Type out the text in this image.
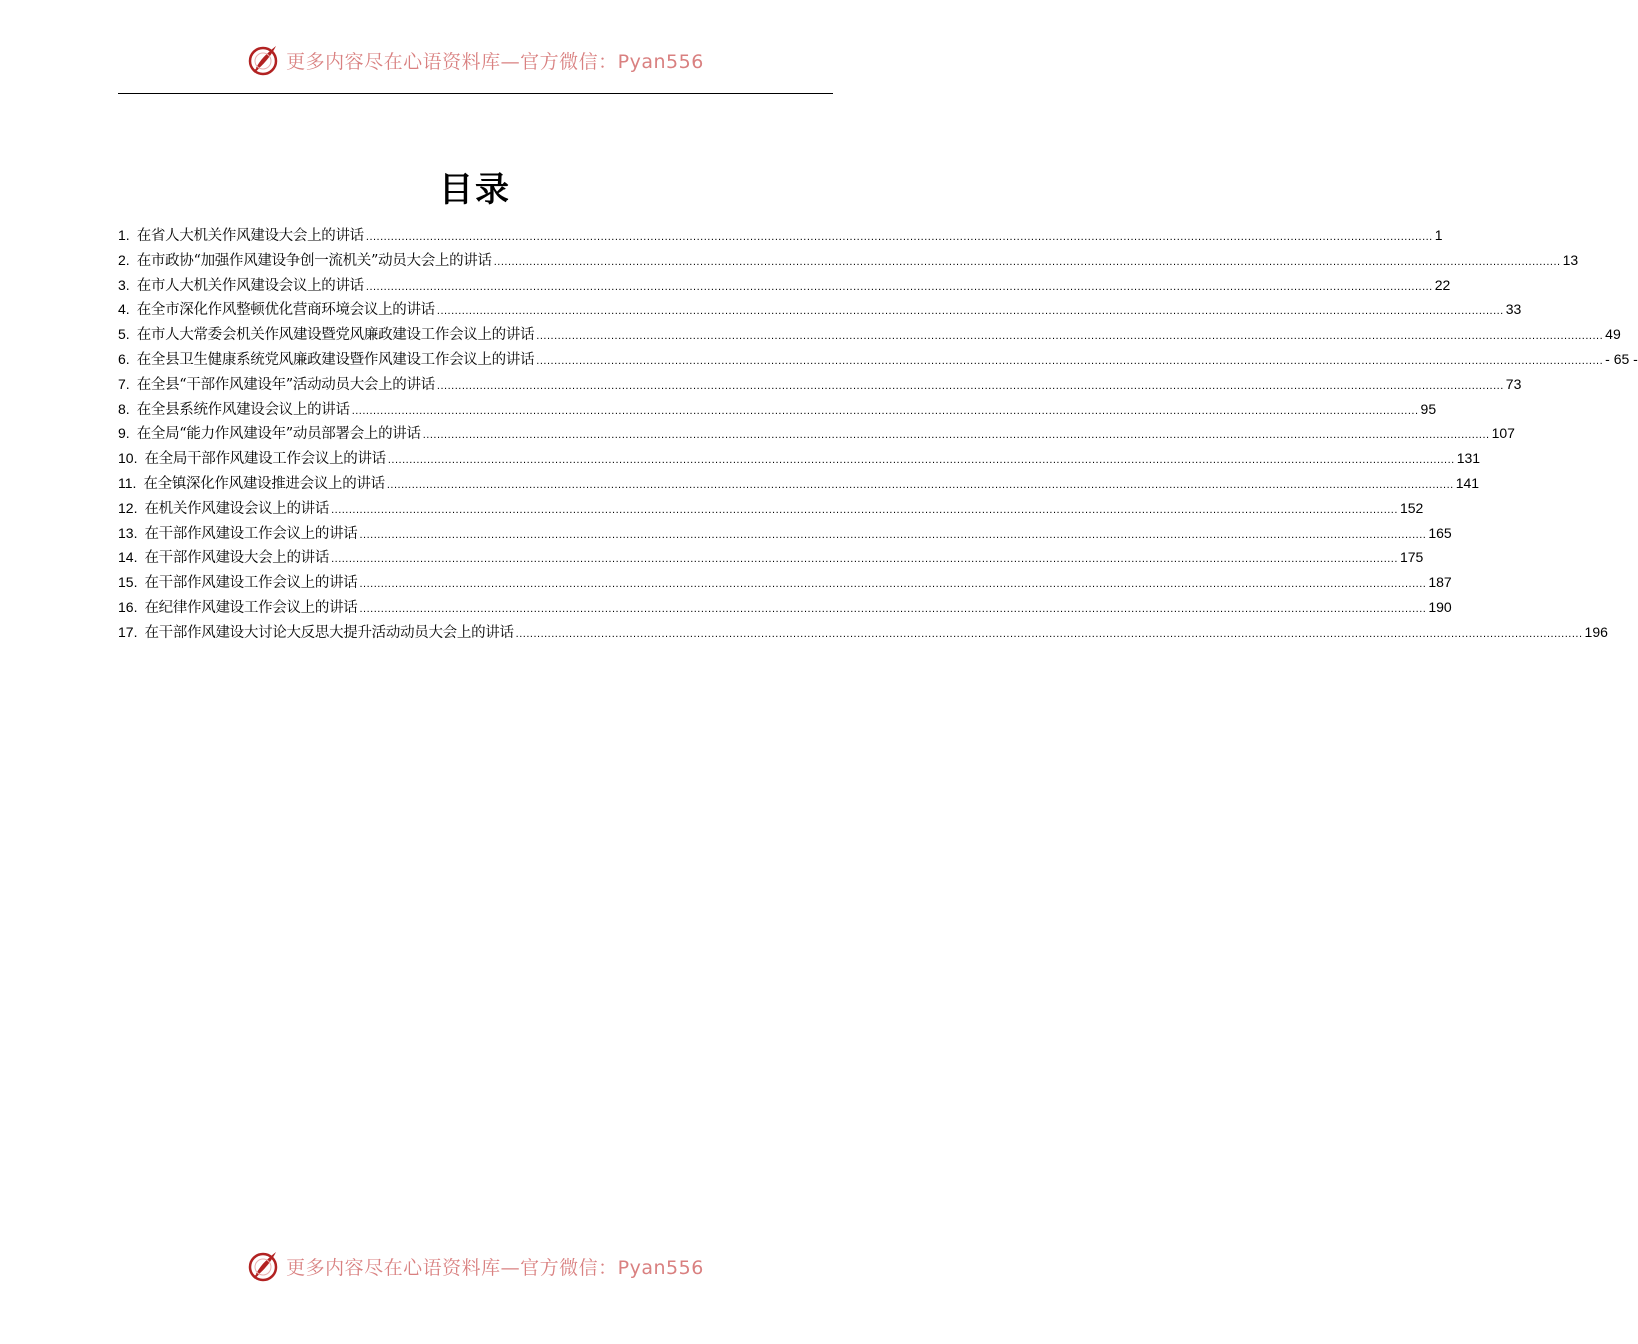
更多内容尽在心语资料库—官方微信：Pyan556
目录
1. 在省人大机关作风建设大会上的讲话 ............................................................................................................................................................................................................................................................................................................ 1
2. 在市政协“加强作风建设争创一流机关”动员大会上的讲话 ............................................................................................................................................................................................................................................................................................................ 13
3. 在市人大机关作风建设会议上的讲话 ............................................................................................................................................................................................................................................................................................................ 22
4. 在全市深化作风整顿优化营商环境会议上的讲话 ............................................................................................................................................................................................................................................................................................................ 33
5. 在市人大常委会机关作风建设暨党风廉政建设工作会议上的讲话 ............................................................................................................................................................................................................................................................................................................ 49
6. 在全县卫生健康系统党风廉政建设暨作风建设工作会议上的讲话 ............................................................................................................................................................................................................................................................................................................ - 65 -
7. 在全县“干部作风建设年”活动动员大会上的讲话 ............................................................................................................................................................................................................................................................................................................ 73
8. 在全县系统作风建设会议上的讲话 ............................................................................................................................................................................................................................................................................................................ 95
9. 在全局“能力作风建设年”动员部署会上的讲话 ............................................................................................................................................................................................................................................................................................................ 107
10. 在全局干部作风建设工作会议上的讲话 ............................................................................................................................................................................................................................................................................................................ 131
11. 在全镇深化作风建设推进会议上的讲话 ............................................................................................................................................................................................................................................................................................................ 141
12. 在机关作风建设会议上的讲话 ............................................................................................................................................................................................................................................................................................................ 152
13. 在干部作风建设工作会议上的讲话 ............................................................................................................................................................................................................................................................................................................ 165
14. 在干部作风建设大会上的讲话 ............................................................................................................................................................................................................................................................................................................ 175
15. 在干部作风建设工作会议上的讲话 ............................................................................................................................................................................................................................................................................................................ 187
16. 在纪律作风建设工作会议上的讲话 ............................................................................................................................................................................................................................................................................................................ 190
17. 在干部作风建设大讨论大反思大提升活动动员大会上的讲话 ............................................................................................................................................................................................................................................................................................................ 196
更多内容尽在心语资料库—官方微信：Pyan556
